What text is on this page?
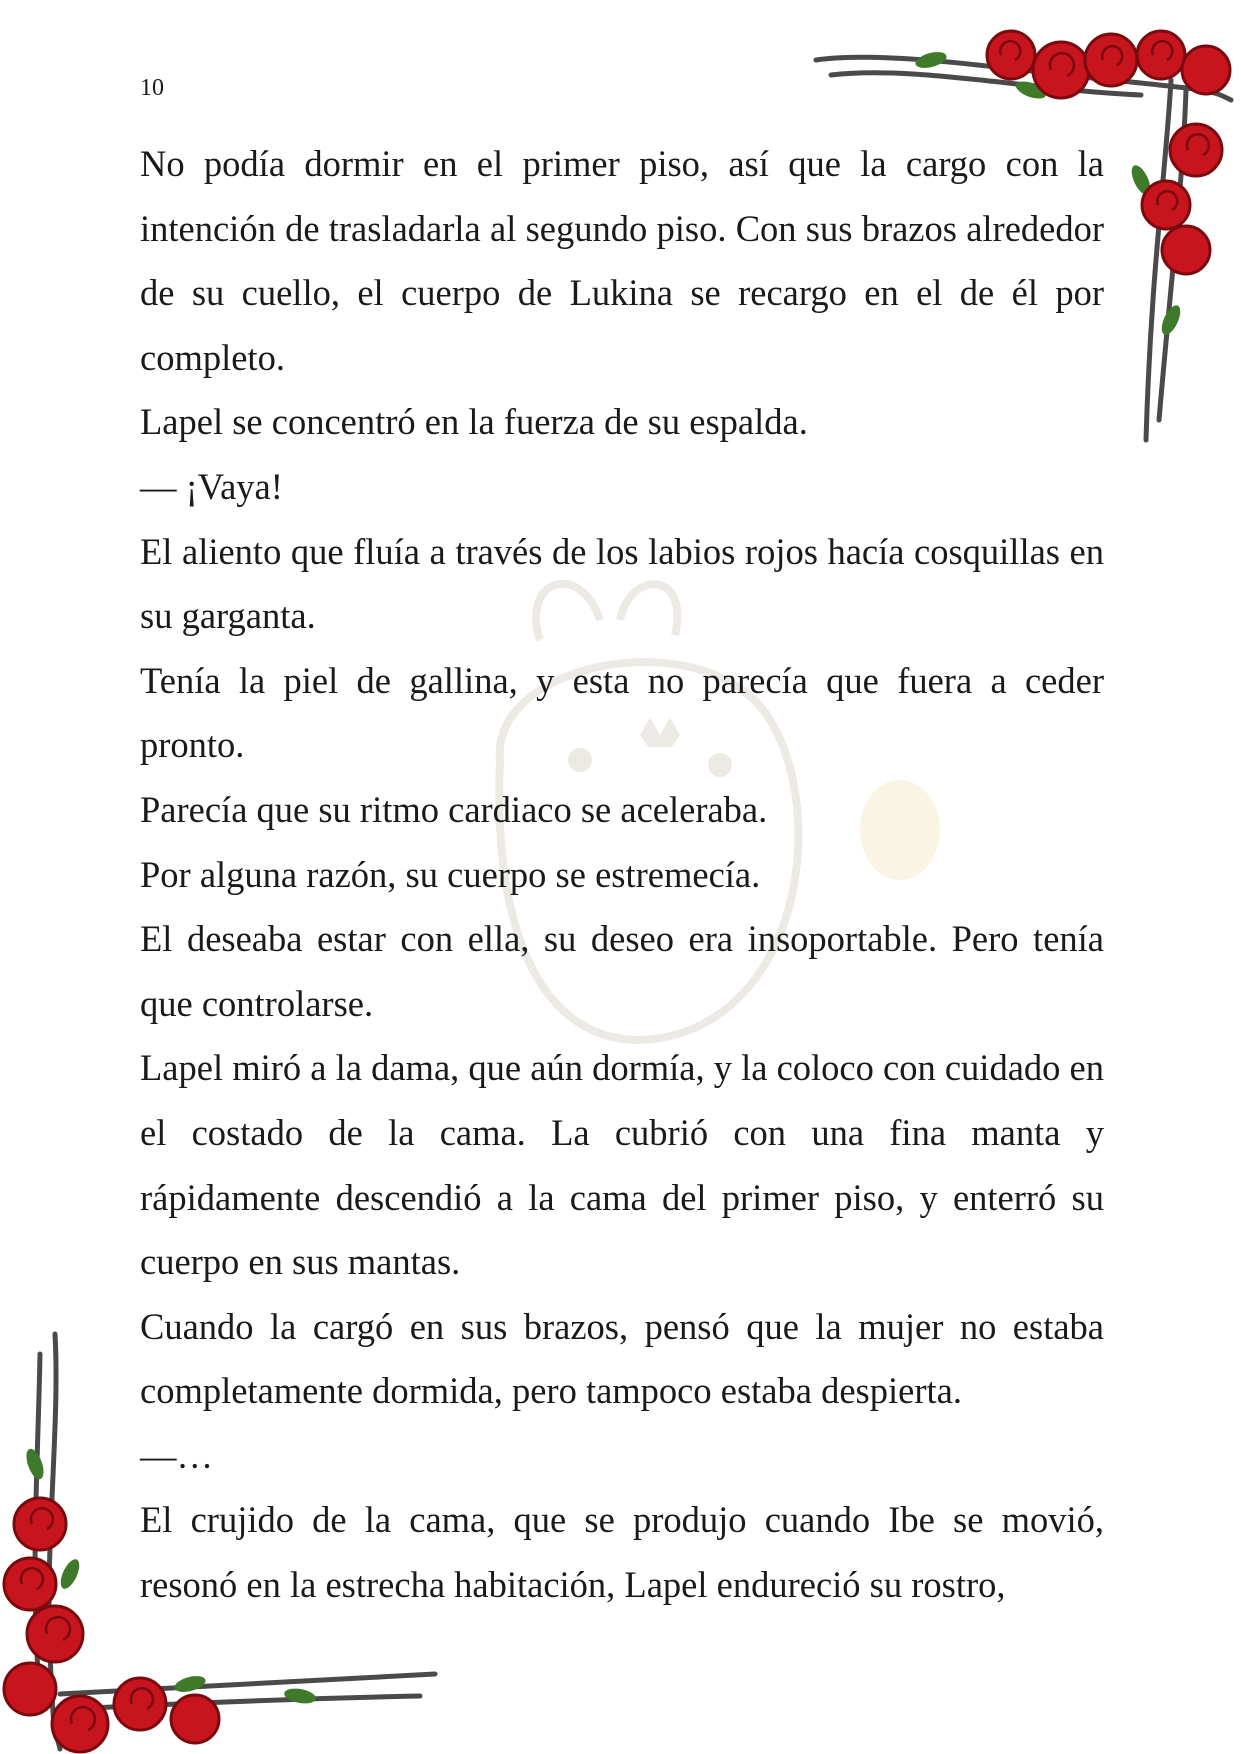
10

No podía dormir en el primer piso, así que la cargo con la intención de trasladarla al segundo piso. Con sus brazos alrededor de su cuello, el cuerpo de Lukina se recargo en el de él por completo.

Lapel se concentró en la fuerza de su espalda.

— ¡Vaya!

El aliento que fluía a través de los labios rojos hacía cosquillas en su garganta.

Tenía la piel de gallina, y esta no parecía que fuera a ceder pronto.

Parecía que su ritmo cardiaco se aceleraba.

Por alguna razón, su cuerpo se estremecía.

El deseaba estar con ella, su deseo era insoportable. Pero tenía que controlarse.

Lapel miró a la dama, que aún dormía, y la coloco con cuidado en el costado de la cama. La cubrió con una fina manta y rápidamente descendió a la cama del primer piso, y enterró su cuerpo en sus mantas.

Cuando la cargó en sus brazos, pensó que la mujer no estaba completamente dormida, pero tampoco estaba despierta.

—…

El crujido de la cama, que se produjo cuando Ibe se movió, resonó en la estrecha habitación, Lapel endureció su rostro,
